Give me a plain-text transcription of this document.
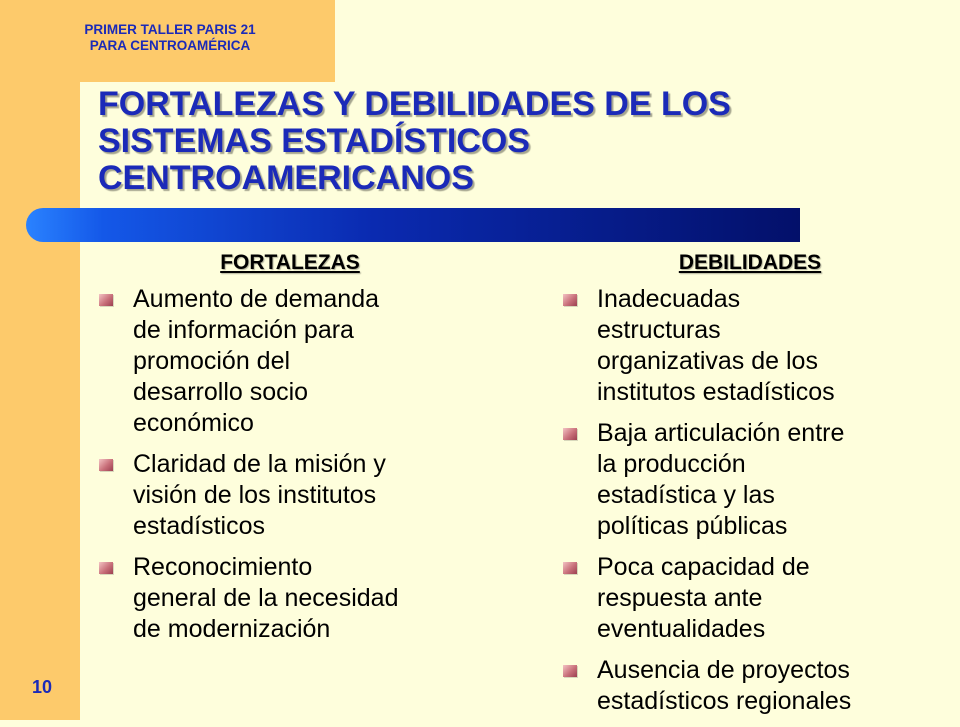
PRIMER TALLER PARIS 21
PARA CENTROAMÉRICA
FORTALEZAS Y DEBILIDADES DE LOS
SISTEMAS ESTADÍSTICOS
CENTROAMERICANOS
FORTALEZAS	DEBILIDADES
Aumento de demanda
de información para
promoción del
desarrollo socio
económico
Claridad de la misión y
visión de los institutos
estadísticos
Reconocimiento
general de la necesidad
de modernización
Inadecuadas
estructuras
organizativas de los
institutos estadísticos
Baja articulación entre
la producción
estadística y las
políticas públicas
Poca capacidad de
respuesta ante
eventualidades
Ausencia de proyectos
estadísticos regionales
10
